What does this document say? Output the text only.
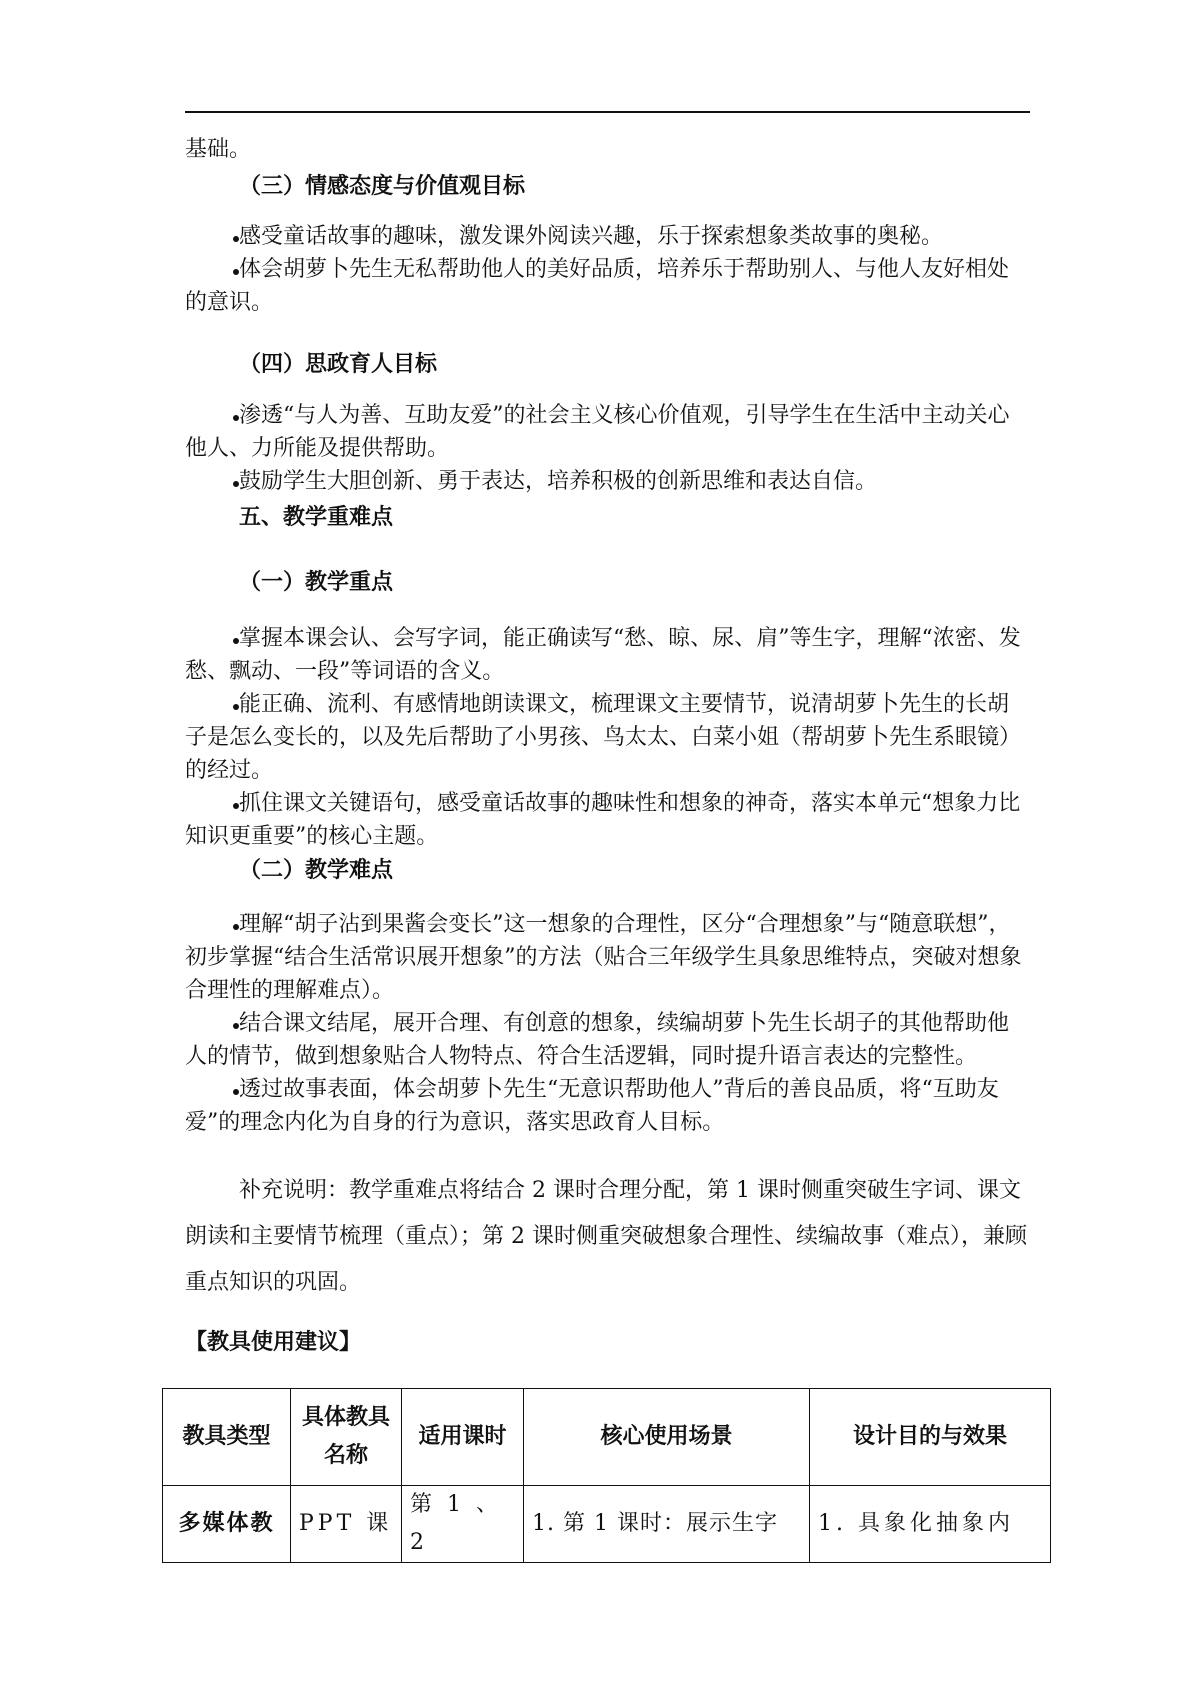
基础。

（三）情感态度与价值观目标

感受童话故事的趣味，激发课外阅读兴趣，乐于探索想象类故事的奥秘。
体会胡萝卜先生无私帮助他人的美好品质，培养乐于帮助别人、与他人友好相处的意识。

（四）思政育人目标

渗透“与人为善、互助友爱”的社会主义核心价值观，引导学生在生活中主动关心他人、力所能及提供帮助。
鼓励学生大胆创新、勇于表达，培养积极的创新思维和表达自信。

五、教学重难点

（一）教学重点

掌握本课会认、会写字词，能正确读写“愁、晾、尿、肩”等生字，理解“浓密、发愁、飘动、一段”等词语的含义。
能正确、流利、有感情地朗读课文，梳理课文主要情节，说清胡萝卜先生的长胡子是怎么变长的，以及先后帮助了小男孩、鸟太太、白菜小姐（帮胡萝卜先生系眼镜）的经过。
抓住课文关键语句，感受童话故事的趣味性和想象的神奇，落实本单元“想象力比知识更重要”的核心主题。

（二）教学难点

理解“胡子沾到果酱会变长”这一想象的合理性，区分“合理想象”与“随意联想”，初步掌握“结合生活常识展开想象”的方法（贴合三年级学生具象思维特点，突破对想象合理性的理解难点）。
结合课文结尾，展开合理、有创意的想象，续编胡萝卜先生长胡子的其他帮助他人的情节，做到想象贴合人物特点、符合生活逻辑，同时提升语言表达的完整性。
透过故事表面，体会胡萝卜先生“无意识帮助他人”背后的善良品质，将“互助友爱”的理念内化为自身的行为意识，落实思政育人目标。

补充说明：教学重难点将结合 2 课时合理分配，第 1 课时侧重突破生字词、课文朗读和主要情节梳理（重点）；第 2 课时侧重突破想象合理性、续编故事（难点），兼顾重点知识的巩固。

【教具使用建议】

教具类型	具体教具名称	适用课时	核心使用场景	设计目的与效果
多媒体教	PPT 课	第 1 、2	1. 第 1 课时：展示生字	1. 具象化抽象内
